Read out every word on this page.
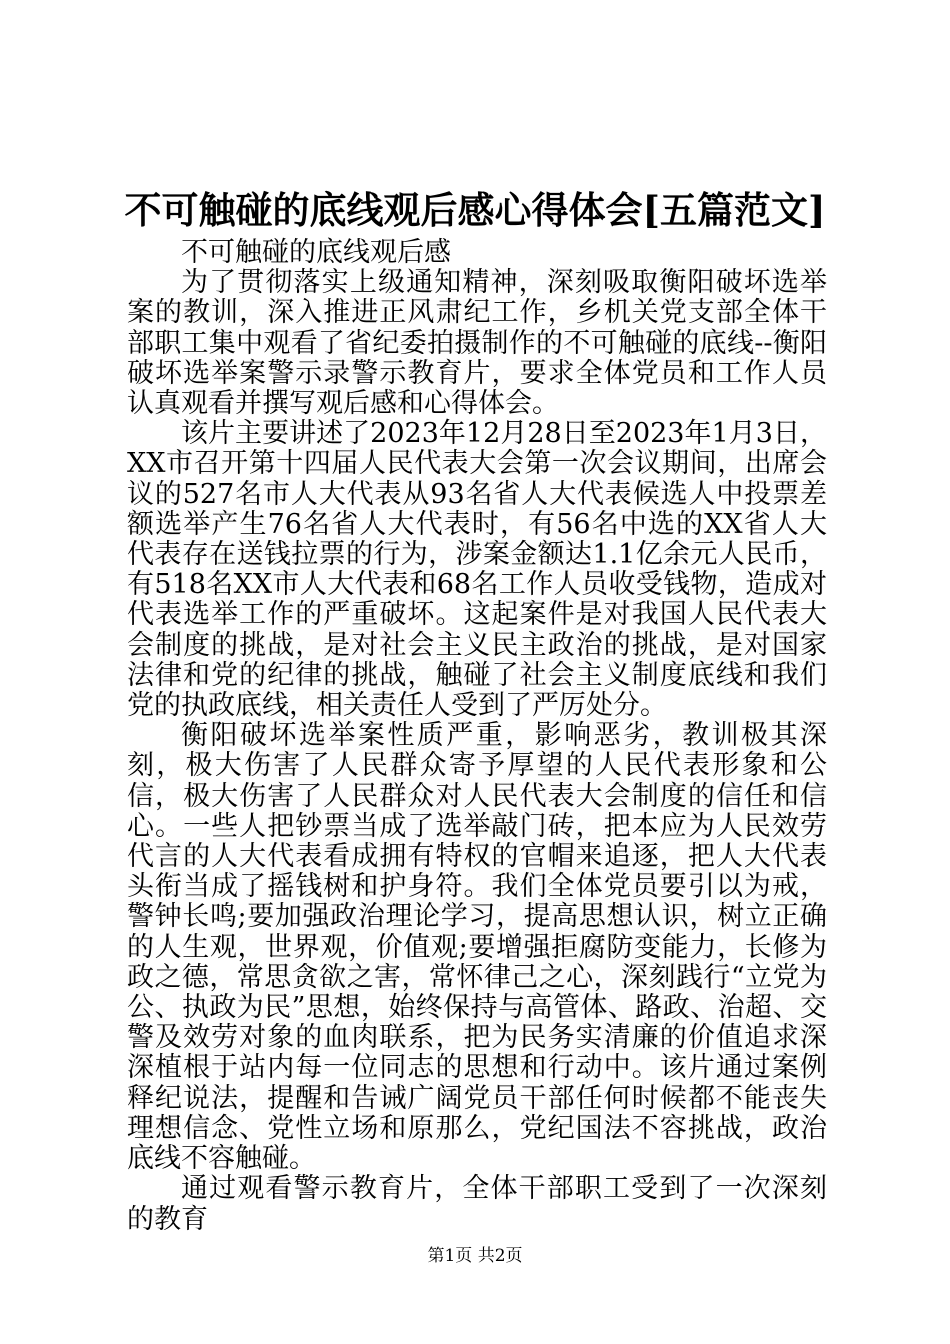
不可触碰的底线观后感心得体会[五篇范文]

不可触碰的底线观后感

为了贯彻落实上级通知精神，深刻吸取衡阳破坏选举案的教训，深入推进正风肃纪工作，乡机关党支部全体干部职工集中观看了省纪委拍摄制作的不可触碰的底线--衡阳破坏选举案警示录警示教育片，要求全体党员和工作人员认真观看并撰写观后感和心得体会。

该片主要讲述了2023年12月28日至2023年1月3日，XX市召开第十四届人民代表大会第一次会议期间，出席会议的527名市人大代表从93名省人大代表候选人中投票差额选举产生76名省人大代表时，有56名中选的XX省人大代表存在送钱拉票的行为，涉案金额达1.1亿余元人民币，有518名XX市人大代表和68名工作人员收受钱物，造成对代表选举工作的严重破坏。这起案件是对我国人民代表大会制度的挑战，是对社会主义民主政治的挑战，是对国家法律和党的纪律的挑战，触碰了社会主义制度底线和我们党的执政底线，相关责任人受到了严厉处分。

衡阳破坏选举案性质严重，影响恶劣，教训极其深刻，极大伤害了人民群众寄予厚望的人民代表形象和公信，极大伤害了人民群众对人民代表大会制度的信任和信心。一些人把钞票当成了选举敲门砖，把本应为人民效劳代言的人大代表看成拥有特权的官帽来追逐，把人大代表头衔当成了摇钱树和护身符。我们全体党员要引以为戒，警钟长鸣;要加强政治理论学习，提高思想认识，树立正确的人生观，世界观，价值观;要增强拒腐防变能力，长修为政之德，常思贪欲之害，常怀律己之心，深刻践行“立党为公、执政为民”思想，始终保持与高管体、路政、治超、交警及效劳对象的血肉联系，把为民务实清廉的价值追求深深植根于站内每一位同志的思想和行动中。该片通过案例释纪说法，提醒和告诫广阔党员干部任何时候都不能丧失理想信念、党性立场和原那么，党纪国法不容挑战，政治底线不容触碰。

通过观看警示教育片，全体干部职工受到了一次深刻的教育

第1页 共2页
